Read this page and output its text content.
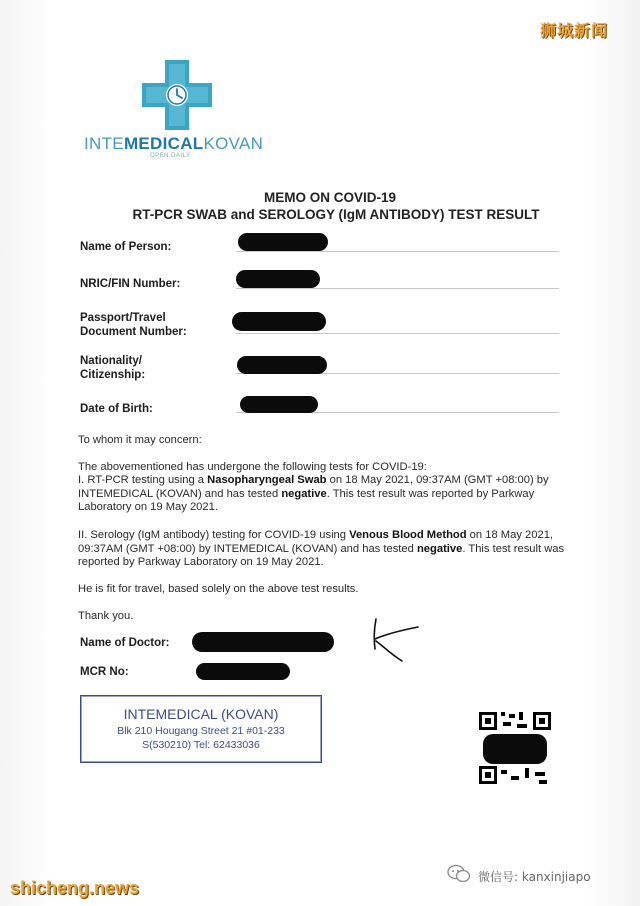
狮城新闻
INTEMEDICALKOVAN
OPEN DAILY
MEMO ON COVID-19
RT-PCR SWAB and SEROLOGY (IgM ANTIBODY) TEST RESULT
Name of Person:
NRIC/FIN Number:
Passport/Travel
Document Number:
Nationality/
Citizenship:
Date of Birth:
To whom it may concern:
The abovementioned has undergone the following tests for COVID-19:
I. RT-PCR testing using a Nasopharyngeal Swab on 18 May 2021, 09:37AM (GMT +08:00) by INTEMEDICAL (KOVAN) and has tested negative. This test result was reported by Parkway Laboratory on 19 May 2021.
II. Serology (IgM antibody) testing for COVID-19 using Venous Blood Method on 18 May 2021, 09:37AM (GMT +08:00) by INTEMEDICAL (KOVAN) and has tested negative. This test result was reported by Parkway Laboratory on 19 May 2021.
He is fit for travel, based solely on the above test results.
Thank you.
Name of Doctor:
MCR No:
INTEMEDICAL (KOVAN)
Blk 210 Hougang Street 21 #01-233
S(530210) Tel: 62433036
shicheng.news
微信号: kanxinjiapo
